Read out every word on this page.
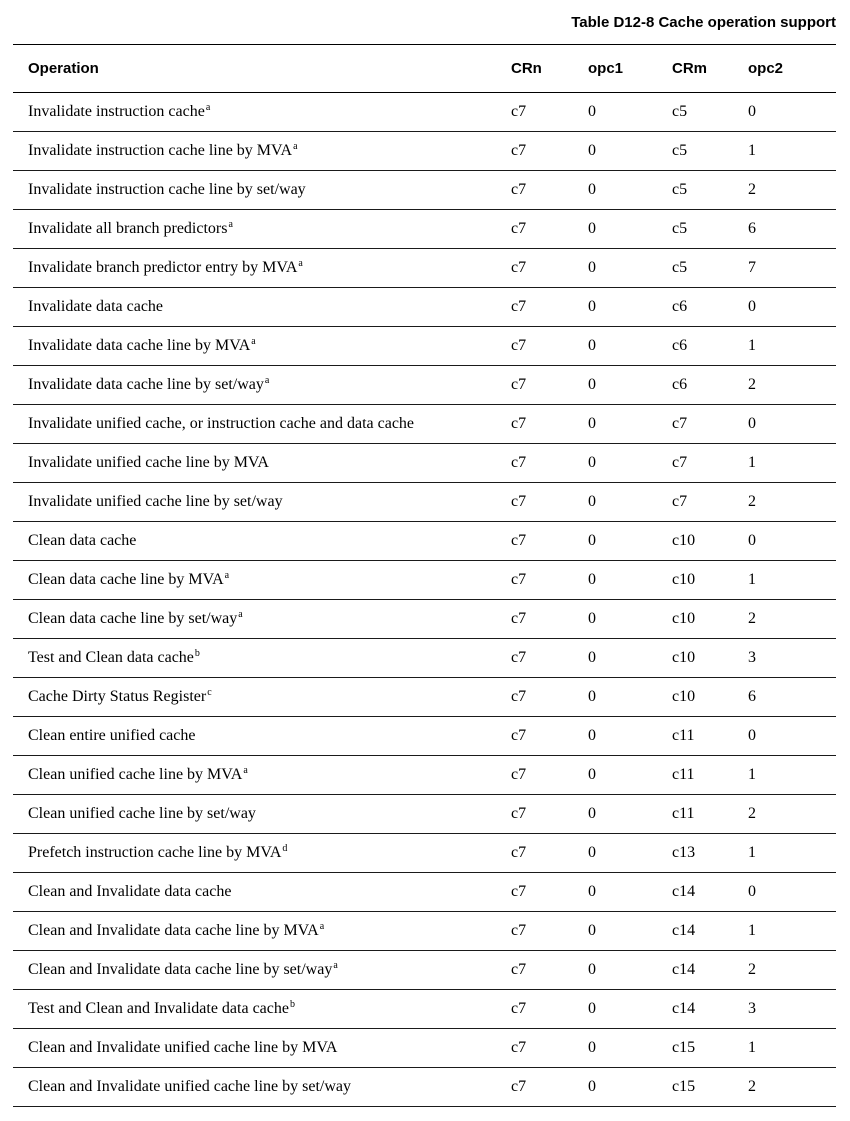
Table D12-8 Cache operation support
Operation	CRn	opc1	CRm	opc2
Invalidate instruction cache$^a$	c7	0	c5	0
Invalidate instruction cache line by MVA$^a$	c7	0	c5	1
Invalidate instruction cache line by set/way	c7	0	c5	2
Invalidate all branch predictors$^a$	c7	0	c5	6
Invalidate branch predictor entry by MVA$^a$	c7	0	c5	7
Invalidate data cache	c7	0	c6	0
Invalidate data cache line by MVA$^a$	c7	0	c6	1
Invalidate data cache line by set/way$^a$	c7	0	c6	2
Invalidate unified cache, or instruction cache and data cache	c7	0	c7	0
Invalidate unified cache line by MVA	c7	0	c7	1
Invalidate unified cache line by set/way	c7	0	c7	2
Clean data cache	c7	0	c10	0
Clean data cache line by MVA$^a$	c7	0	c10	1
Clean data cache line by set/way$^a$	c7	0	c10	2
Test and Clean data cache$^b$	c7	0	c10	3
Cache Dirty Status Register$^c$	c7	0	c10	6
Clean entire unified cache	c7	0	c11	0
Clean unified cache line by MVA$^a$	c7	0	c11	1
Clean unified cache line by set/way	c7	0	c11	2
Prefetch instruction cache line by MVA$^d$	c7	0	c13	1
Clean and Invalidate data cache	c7	0	c14	0
Clean and Invalidate data cache line by MVA$^a$	c7	0	c14	1
Clean and Invalidate data cache line by set/way$^a$	c7	0	c14	2
Test and Clean and Invalidate data cache$^b$	c7	0	c14	3
Clean and Invalidate unified cache line by MVA	c7	0	c15	1
Clean and Invalidate unified cache line by set/way	c7	0	c15	2
